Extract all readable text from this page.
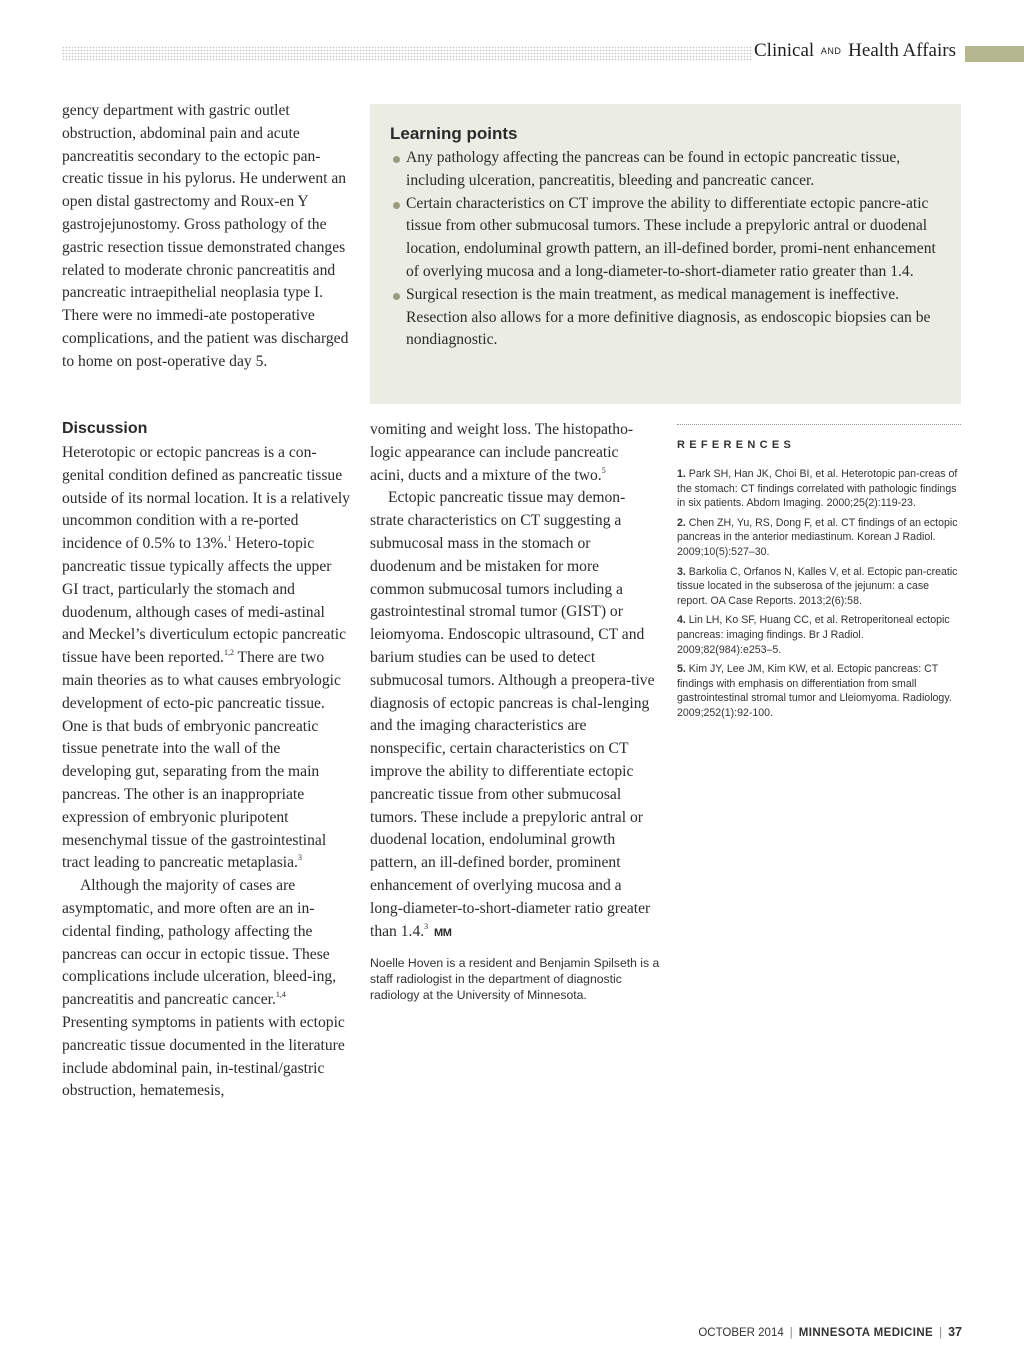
Clinical AND Health Affairs

gency department with gastric outlet obstruction, abdominal pain and acute pancreatitis secondary to the ectopic pan-creatic tissue in his pylorus. He underwent an open distal gastrectomy and Roux-en Y gastrojejunostomy. Gross pathology of the gastric resection tissue demonstrated changes related to moderate chronic pancreatitis and pancreatic intraepithelial neoplasia type I. There were no immedi-ate postoperative complications, and the patient was discharged to home on post-operative day 5.

Learning points
Any pathology affecting the pancreas can be found in ectopic pancreatic tissue, including ulceration, pancreatitis, bleeding and pancreatic cancer.
Certain characteristics on CT improve the ability to differentiate ectopic pancre-atic tissue from other submucosal tumors. These include a prepyloric antral or duodenal location, endoluminal growth pattern, an ill-defined border, promi-nent enhancement of overlying mucosa and a long-diameter-to-short-diameter ratio greater than 1.4.
Surgical resection is the main treatment, as medical management is ineffective. Resection also allows for a more definitive diagnosis, as endoscopic biopsies can be nondiagnostic.
Discussion

Heterotopic or ectopic pancreas is a con-genital condition defined as pancreatic tissue outside of its normal location. It is a relatively uncommon condition with a re-ported incidence of 0.5% to 13%.$^1$ Hetero-topic pancreatic tissue typically affects the upper GI tract, particularly the stomach and duodenum, although cases of medi-astinal and Meckel’s diverticulum ectopic pancreatic tissue have been reported.$^{1,2}$ There are two main theories as to what causes embryologic development of ecto-pic pancreatic tissue. One is that buds of embryonic pancreatic tissue penetrate into the wall of the developing gut, separating from the main pancreas. The other is an inappropriate expression of embryonic pluripotent mesenchymal tissue of the gastrointestinal tract leading to pancreatic metaplasia.$^3$

Although the majority of cases are asymptomatic, and more often are an in-cidental finding, pathology affecting the pancreas can occur in ectopic tissue. These complications include ulceration, bleed-ing, pancreatitis and pancreatic cancer.$^{1,4}$ Presenting symptoms in patients with ectopic pancreatic tissue documented in the literature include abdominal pain, in-testinal/gastric obstruction, hematemesis,

vomiting and weight loss. The histopatho-logic appearance can include pancreatic acini, ducts and a mixture of the two.$^5$

Ectopic pancreatic tissue may demon-strate characteristics on CT suggesting a submucosal mass in the stomach or duodenum and be mistaken for more common submucosal tumors including a gastrointestinal stromal tumor (GIST) or leiomyoma. Endoscopic ultrasound, CT and barium studies can be used to detect submucosal tumors. Although a preopera-tive diagnosis of ectopic pancreas is chal-lenging and the imaging characteristics are nonspecific, certain characteristics on CT improve the ability to differentiate ectopic pancreatic tissue from other submucosal tumors. These include a prepyloric antral or duodenal location, endoluminal growth pattern, an ill-defined border, prominent enhancement of overlying mucosa and a long-diameter-to-short-diameter ratio greater than 1.4.$^3$ MM

Noelle Hoven is a resident and Benjamin Spilseth is a staff radiologist in the department of diagnostic radiology at the University of Minnesota.
REFERENCES
1. Park SH, Han JK, Choi BI, et al. Heterotopic pan-creas of the stomach: CT findings correlated with pathologic findings in six patients. Abdom Imaging. 2000;25(2):119-23.
2. Chen ZH, Yu, RS, Dong F, et al. CT findings of an ectopic pancreas in the anterior mediastinum. Korean J Radiol. 2009;10(5):527–30.
3. Barkolia C, Orfanos N, Kalles V, et al. Ectopic pan-creatic tissue located in the subserosa of the jejunum: a case report. OA Case Reports. 2013;2(6):58.
4. Lin LH, Ko SF, Huang CC, et al. Retroperitoneal ectopic pancreas: imaging findings. Br J Radiol. 2009;82(984):e253–5.
5. Kim JY, Lee JM, Kim KW, et al. Ectopic pancreas: CT findings with emphasis on differentiation from small gastrointestinal stromal tumor and Lleiomyoma. Radiology. 2009;252(1):92-100.
OCTOBER 2014 | MINNESOTA MEDICINE | 37
